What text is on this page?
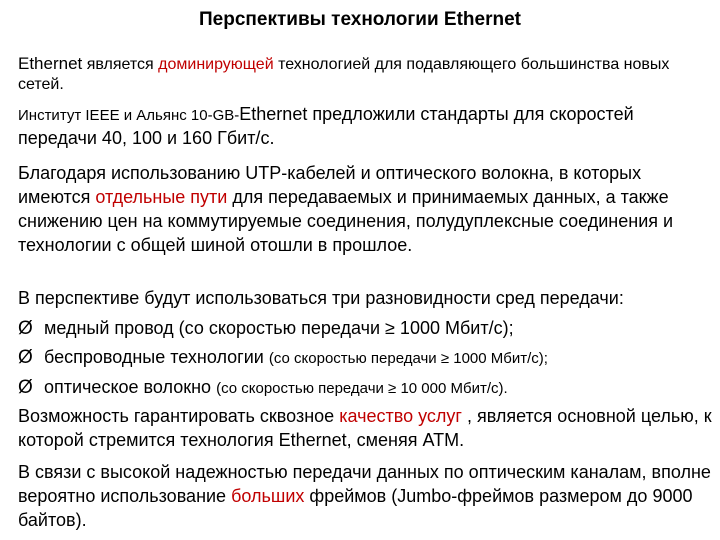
Перспективы технологии Ethernet

Ethernet является доминирующей технологией для подавляющего большинства новых сетей.

Институт IEEE и Альянс 10-GB-Ethernet предложили стандарты для скоростей передачи 40, 100 и 160 Гбит/с.

Благодаря использованию UTP-кабелей и оптического волокна, в которых имеются отдельные пути для передаваемых и принимаемых данных, а также снижению цен на коммутируемые соединения, полудуплексные соединения и технологии с общей шиной отошли в прошлое.

В перспективе будут использоваться три разновидности сред передачи:

Ø медный провод (со скоростью передачи ≥ 1000 Мбит/с);
Ø беспроводные технологии (со скоростью передачи ≥ 1000 Мбит/с);
Ø оптическое волокно (со скоростью передачи ≥ 10 000 Мбит/с).

Возможность гарантировать сквозное качество услуг , является основной целью, к которой стремится технология Ethernet, сменяя ATM.

В связи с высокой надежностью передачи данных по оптическим каналам, вполне вероятно использование больших фреймов (Jumbo-фреймов размером до 9000 байтов).
